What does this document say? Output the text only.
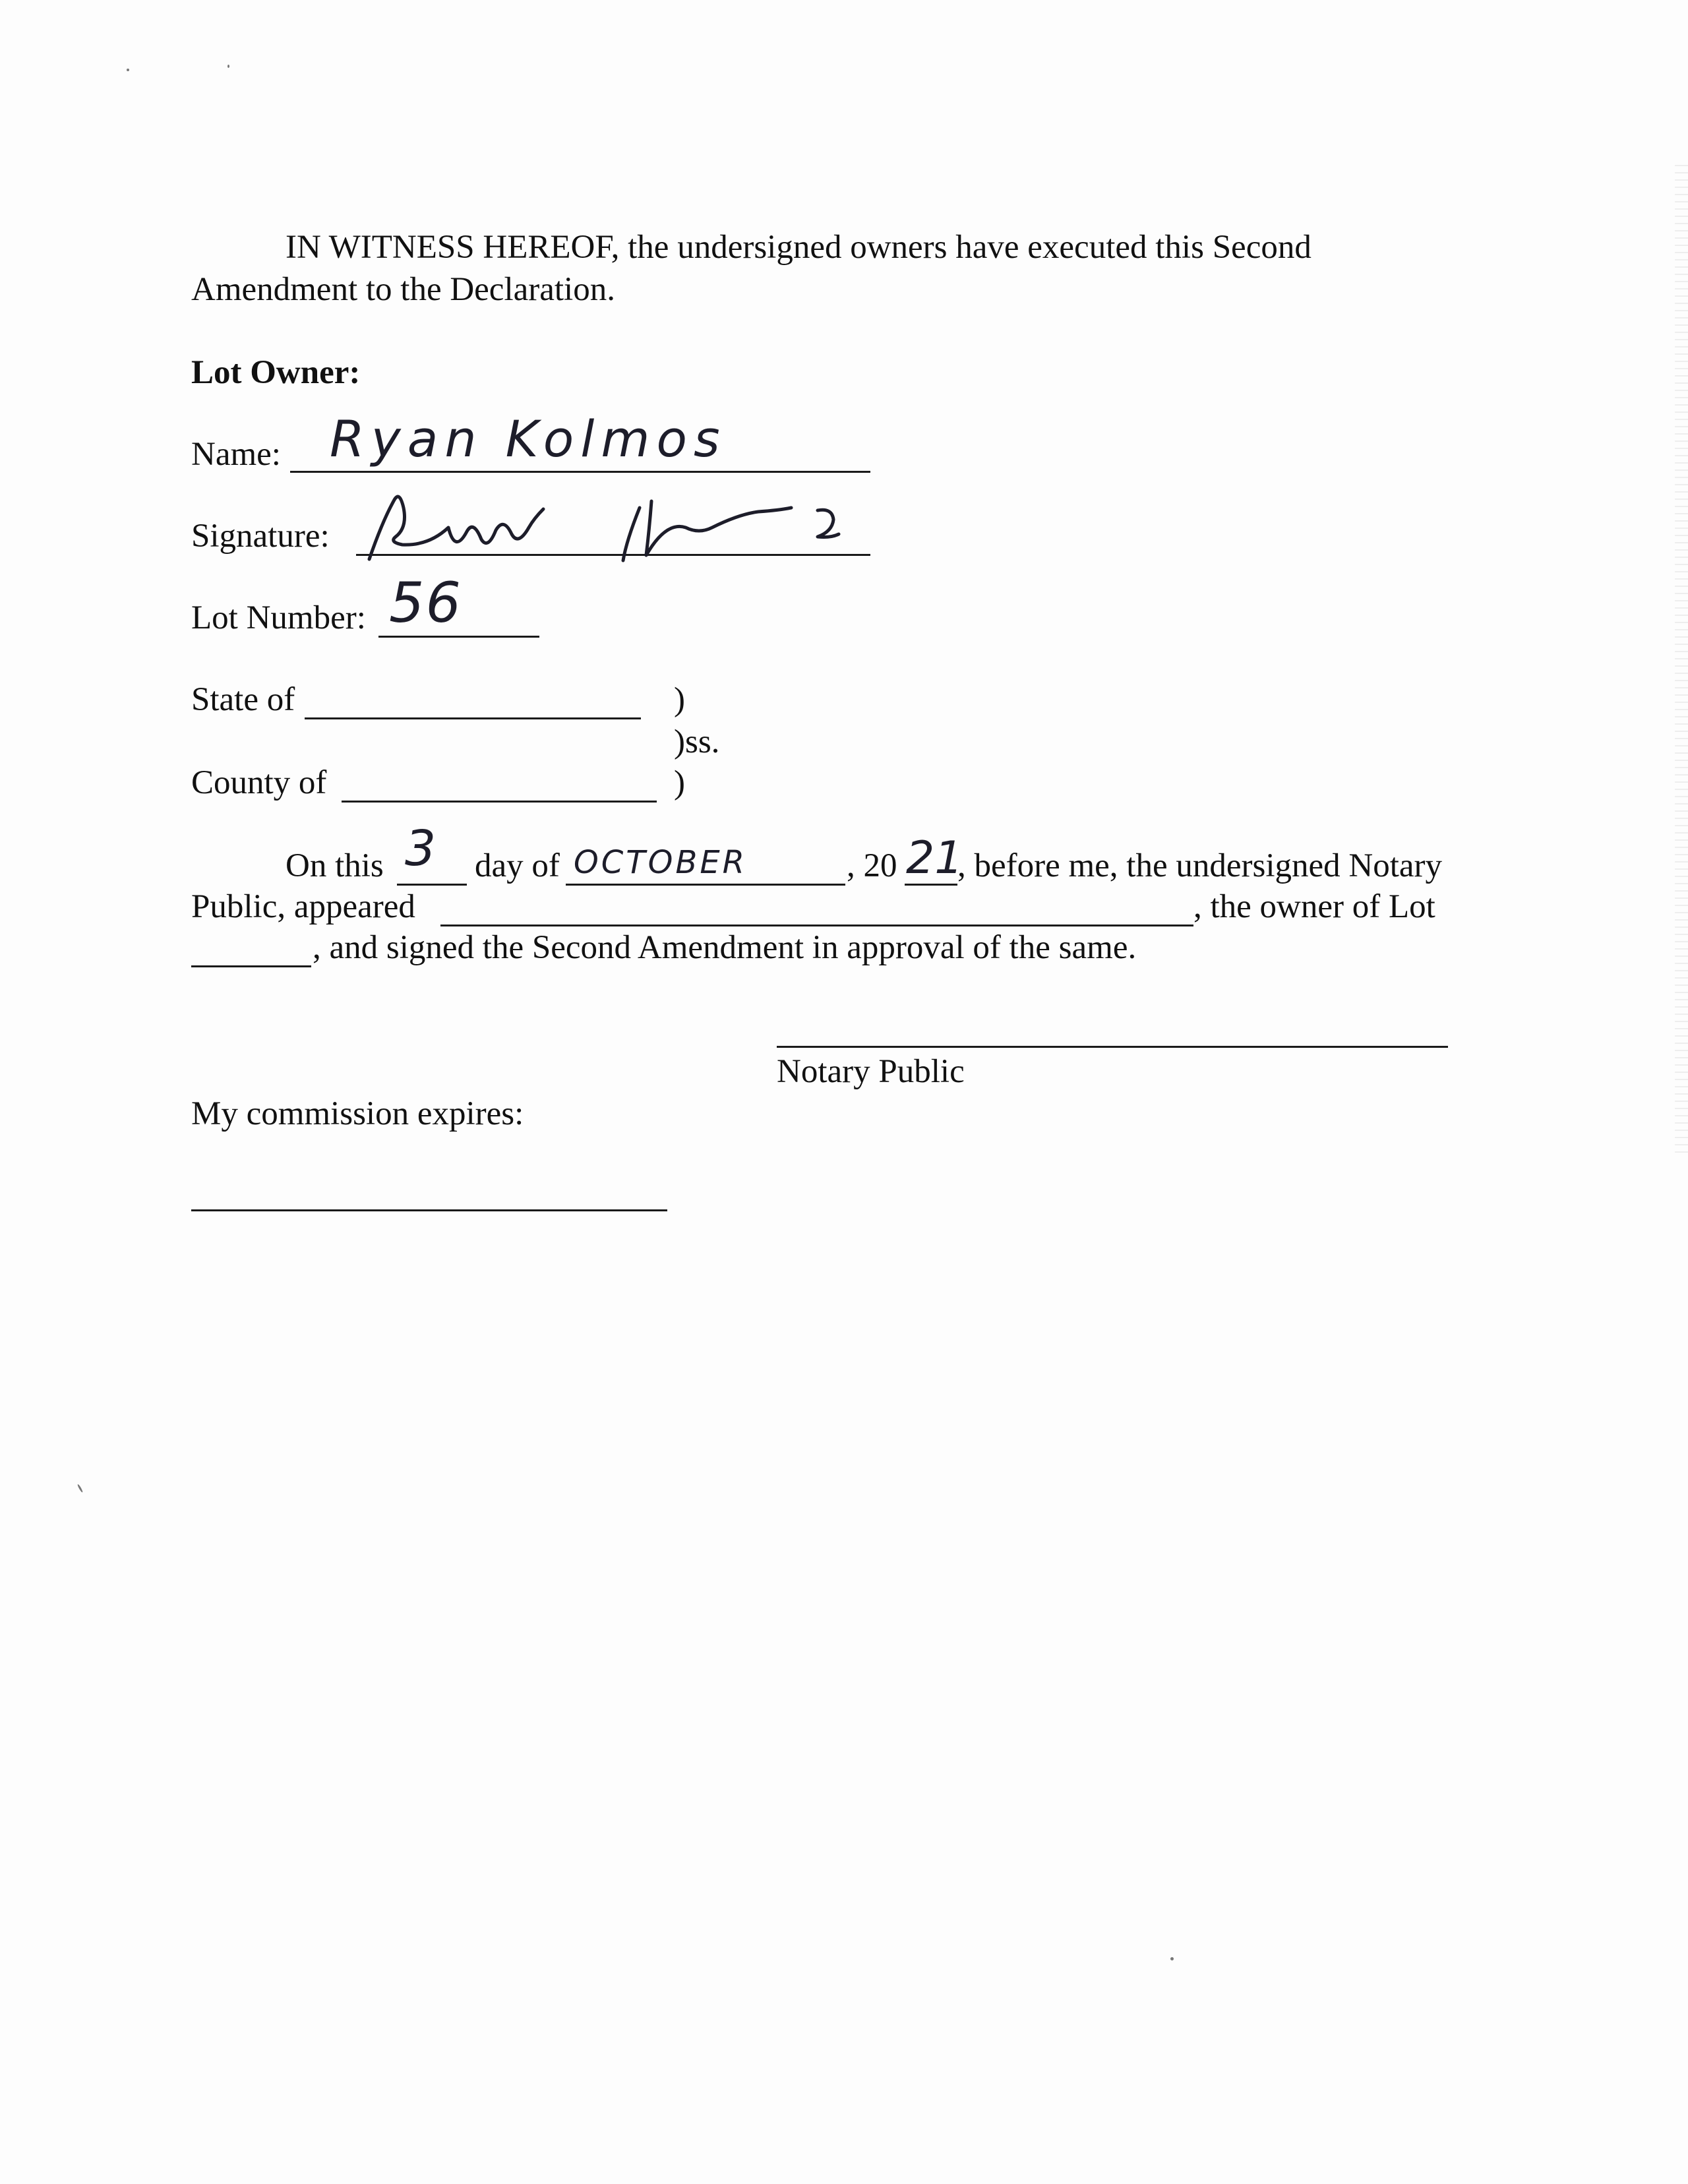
IN WITNESS HEREOF, the undersigned owners have executed this Second
Amendment to the Declaration.
Lot Owner:
Name: Ryan Kolmos
Signature:
Lot Number: 56
State of	)
)ss.
County of	)
On this 3 day of OCTOBER	, 20 21
, before me, the undersigned Notary
Public, appeared	, the owner of Lot
, and signed the Second Amendment in approval of the same.
Notary Public
My commission expires:
